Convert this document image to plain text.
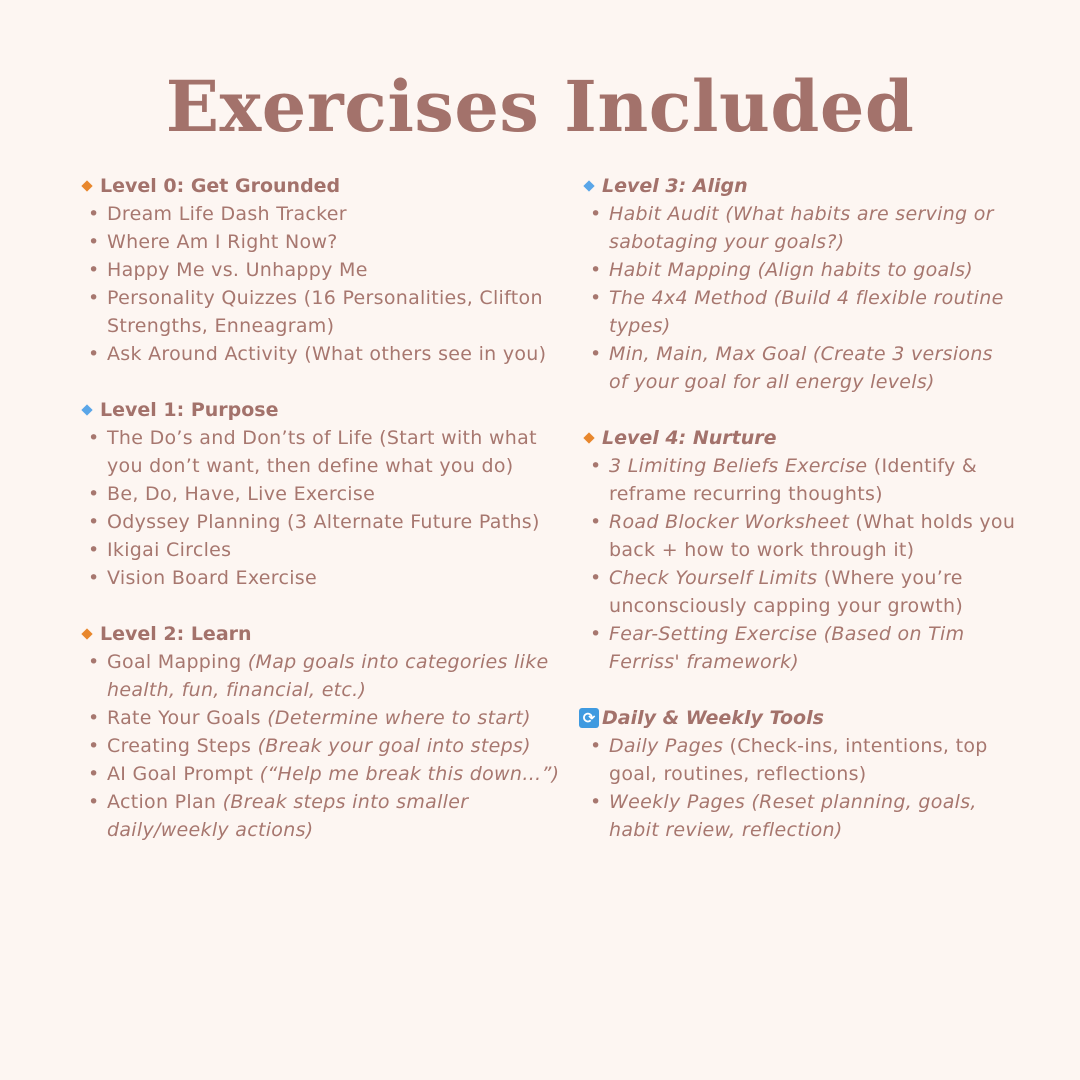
Exercises Included
Level 0: Get Grounded
• Dream Life Dash Tracker
• Where Am I Right Now?
• Happy Me vs. Unhappy Me
• Personality Quizzes (16 Personalities, Clifton Strengths, Enneagram)
• Ask Around Activity (What others see in you)
Level 1: Purpose
• The Do’s and Don’ts of Life (Start with what you don’t want, then define what you do)
• Be, Do, Have, Live Exercise
• Odyssey Planning (3 Alternate Future Paths)
• Ikigai Circles
• Vision Board Exercise
Level 2: Learn
• Goal Mapping (Map goals into categories like health, fun, financial, etc.)
• Rate Your Goals (Determine where to start)
• Creating Steps (Break your goal into steps)
• AI Goal Prompt (“Help me break this down…”)
• Action Plan (Break steps into smaller daily/weekly actions)
Level 3: Align
• Habit Audit (What habits are serving or sabotaging your goals?)
• Habit Mapping (Align habits to goals)
• The 4x4 Method (Build 4 flexible routine types)
• Min, Main, Max Goal (Create 3 versions of your goal for all energy levels)
Level 4: Nurture
• 3 Limiting Beliefs Exercise (Identify & reframe recurring thoughts)
• Road Blocker Worksheet (What holds you back + how to work through it)
• Check Yourself Limits (Where you’re unconsciously capping your growth)
• Fear-Setting Exercise (Based on Tim Ferriss' framework)
⟳ Daily & Weekly Tools
• Daily Pages (Check-ins, intentions, top goal, routines, reflections)
• Weekly Pages (Reset planning, goals, habit review, reflection)
